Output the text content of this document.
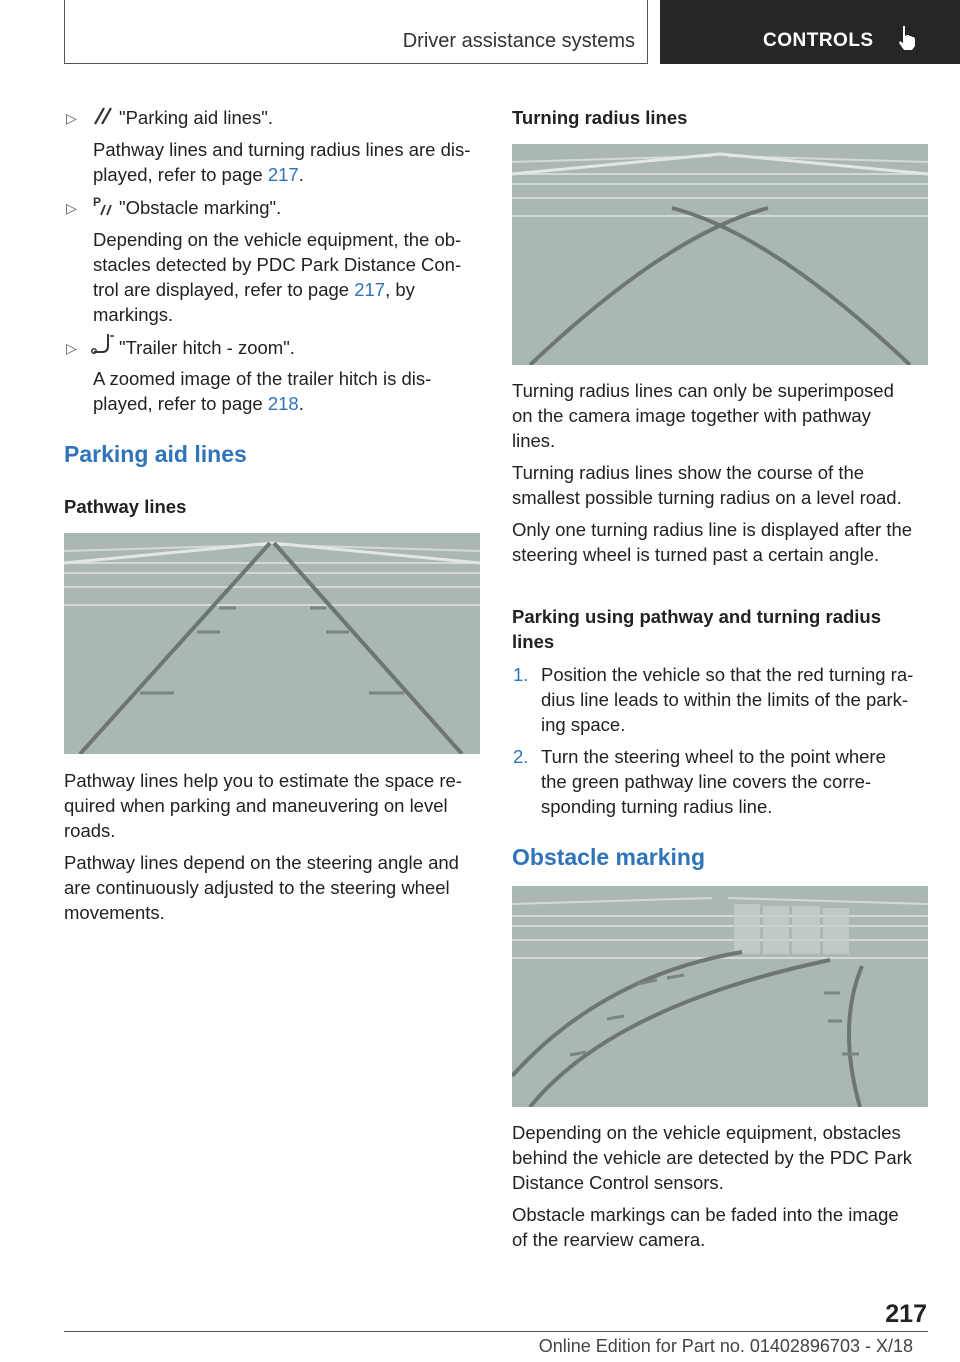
Driver assistance systems	CONTROLS
▷ "Parking aid lines".
Pathway lines and turning radius lines are dis-
played, refer to page 217.
▷ P "Obstacle marking".
Depending on the vehicle equipment, the ob-
stacles detected by PDC Park Distance Con-
trol are displayed, refer to page 217, by
markings.
▷ "Trailer hitch - zoom".
A zoomed image of the trailer hitch is dis-
played, refer to page 218.
Parking aid lines
Pathway lines
Pathway lines help you to estimate the space re-
quired when parking and maneuvering on level
roads.
Pathway lines depend on the steering angle and
are continuously adjusted to the steering wheel
movements.
Turning radius lines
Turning radius lines can only be superimposed
on the camera image together with pathway
lines.
Turning radius lines show the course of the
smallest possible turning radius on a level road.
Only one turning radius line is displayed after the
steering wheel is turned past a certain angle.
Parking using pathway and turning radius
lines
1. Position the vehicle so that the red turning ra-
dius line leads to within the limits of the park-
ing space.
2. Turn the steering wheel to the point where
the green pathway line covers the corre-
sponding turning radius line.
Obstacle marking
Depending on the vehicle equipment, obstacles
behind the vehicle are detected by the PDC Park
Distance Control sensors.
Obstacle markings can be faded into the image
of the rearview camera.
217
Online Edition for Part no. 01402896703 - X/18
